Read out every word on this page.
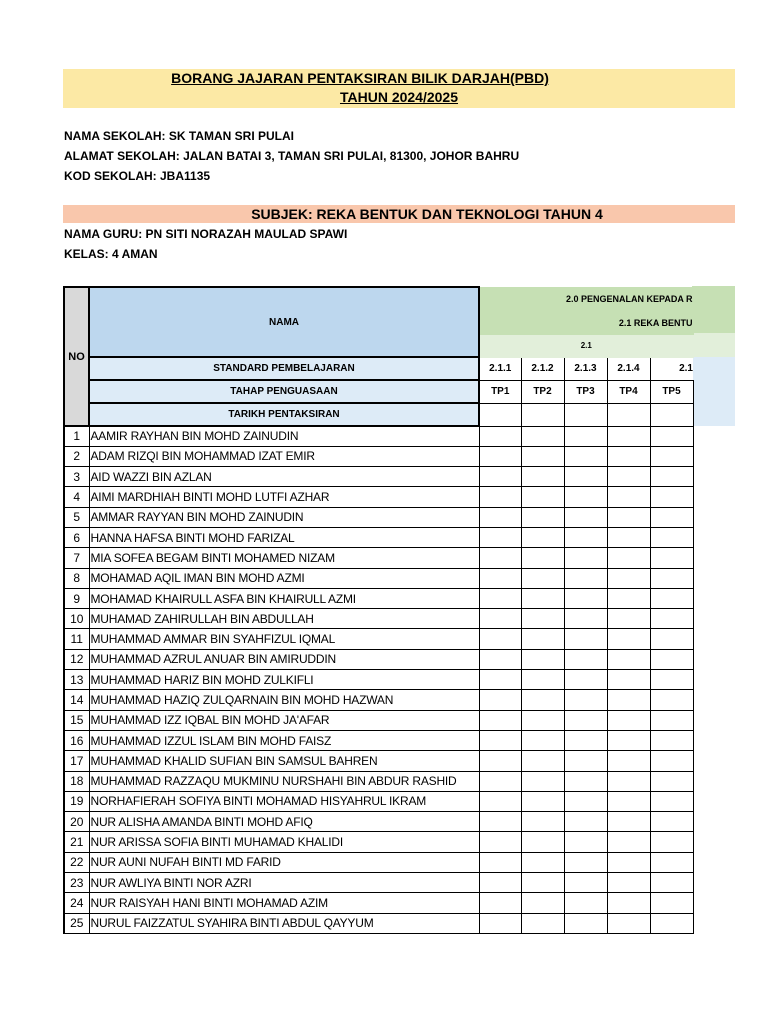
BORANG JAJARAN PENTAKSIRAN BILIK DARJAH(PBD)
TAHUN 2024/2025
NAMA SEKOLAH: SK TAMAN SRI PULAI
ALAMAT SEKOLAH: JALAN BATAI 3, TAMAN SRI PULAI, 81300, JOHOR BAHRU
KOD SEKOLAH: JBA1135
SUBJEK: REKA BENTUK DAN TEKNOLOGI TAHUN 4
NAMA GURU: PN SITI NORAZAH MAULAD SPAWI
KELAS: 4 AMAN
NO	NAMA	2.0 PENGENALAN KEPADA R				
		2.1 REKA BENTU				
		2.1				
	STANDARD PEMBELAJARAN	2.1.1	2.1.2	2.1.3	2.1.4	2.1
	TAHAP PENGUASAAN	TP1	TP2	TP3	TP4	TP5
	TARIKH PENTAKSIRAN					
1	AAMIR RAYHAN BIN MOHD ZAINUDIN					
2	ADAM RIZQI BIN MOHAMMAD IZAT EMIR					
3	AID WAZZI BIN AZLAN					
4	AIMI MARDHIAH BINTI MOHD LUTFI AZHAR					
5	AMMAR RAYYAN BIN MOHD ZAINUDIN					
6	HANNA HAFSA BINTI MOHD FARIZAL					
7	MIA SOFEA BEGAM BINTI MOHAMED NIZAM					
8	MOHAMAD AQIL IMAN BIN MOHD AZMI					
9	MOHAMAD KHAIRULL ASFA BIN KHAIRULL AZMI					
10	MUHAMAD ZAHIRULLAH BIN ABDULLAH					
11	MUHAMMAD AMMAR BIN SYAHFIZUL IQMAL					
12	MUHAMMAD AZRUL ANUAR BIN AMIRUDDIN					
13	MUHAMMAD HARIZ BIN MOHD ZULKIFLI					
14	MUHAMMAD HAZIQ ZULQARNAIN BIN MOHD HAZWAN					
15	MUHAMMAD IZZ IQBAL BIN MOHD JA'AFAR					
16	MUHAMMAD IZZUL ISLAM BIN MOHD FAISZ					
17	MUHAMMAD KHALID SUFIAN BIN SAMSUL BAHREN					
18	MUHAMMAD RAZZAQU MUKMINU NURSHAHI BIN ABDUR RASHID					
19	NORHAFIERAH SOFIYA BINTI MOHAMAD HISYAHRUL IKRAM					
20	NUR ALISHA AMANDA BINTI MOHD AFIQ					
21	NUR ARISSA SOFIA BINTI MUHAMAD KHALIDI					
22	NUR AUNI NUFAH BINTI MD FARID					
23	NUR AWLIYA BINTI NOR AZRI					
24	NUR RAISYAH HANI BINTI MOHAMAD AZIM					
25	NURUL FAIZZATUL SYAHIRA BINTI ABDUL QAYYUM					
